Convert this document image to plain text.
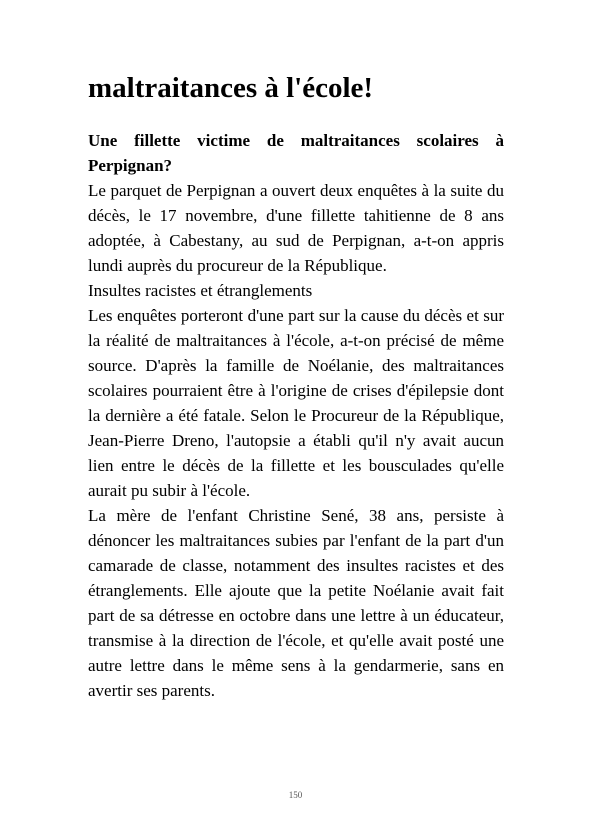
maltraitances à l'école!

Une fillette victime de maltraitances scolaires à Perpignan?

Le parquet de Perpignan a ouvert deux enquêtes à la suite du décès, le 17 novembre, d'une fillette tahitienne de 8 ans adoptée, à Cabestany, au sud de Perpignan, a-t-on appris lundi auprès du procureur de la République.

Insultes racistes et étranglements

Les enquêtes porteront d'une part sur la cause du décès et sur la réalité de maltraitances à l'école, a-t-on précisé de même source. D'après la famille de Noélanie, des maltraitances scolaires pourraient être à l'origine de crises d'épilepsie dont la dernière a été fatale. Selon le Procureur de la République, Jean-Pierre Dreno, l'autopsie a établi qu'il n'y avait aucun lien entre le décès de la fillette et les bousculades qu'elle aurait pu subir à l'école.

La mère de l'enfant Christine Sené, 38 ans, persiste à dénoncer les maltraitances subies par l'enfant de la part d'un camarade de classe, notamment des insultes racistes et des étranglements. Elle ajoute que la petite Noélanie avait fait part de sa détresse en octobre dans une lettre à un éducateur, transmise à la direction de l'école, et qu'elle avait posté une autre lettre dans le même sens à la gendarmerie, sans en avertir ses parents.

150
